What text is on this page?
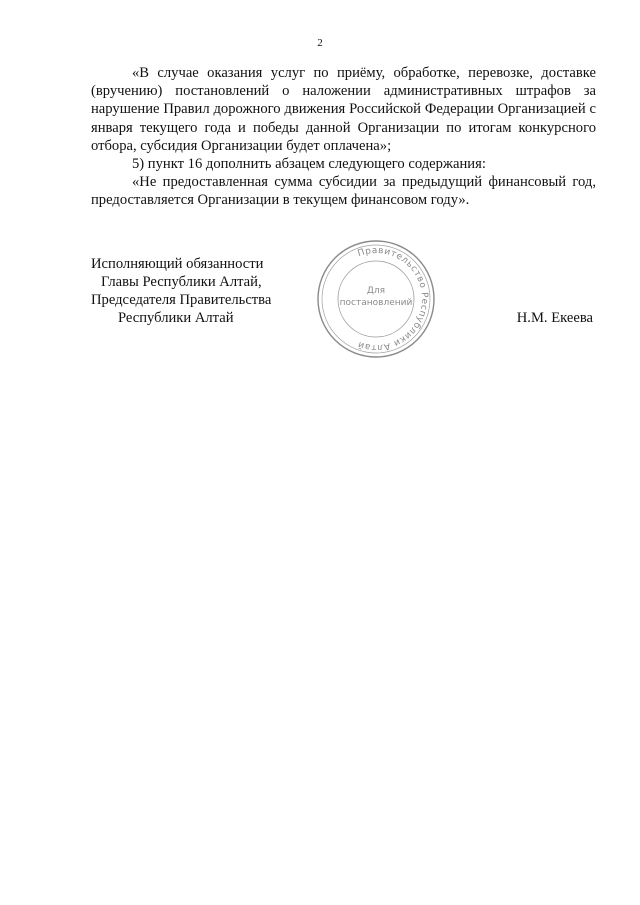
2

«В случае оказания услуг по приёму, обработке, перевозке, доставке (вручению) постановлений о наложении административных штрафов за нарушение Правил дорожного движения Российской Федерации Организацией с января текущего года и победы данной Организации по итогам конкурсного отбора, субсидия Организации будет оплачена»;

5) пункт 16 дополнить абзацем следующего содержания:

«Не предоставленная сумма субсидии за предыдущий финансовый год, предоставляется Организации в текущем финансовом году».

Исполняющий обязанности
Главы Республики Алтай,
Председателя Правительства
Республики Алтай	Н.М. Екеева
Правительство Республики Алтай
Для
постановлений
